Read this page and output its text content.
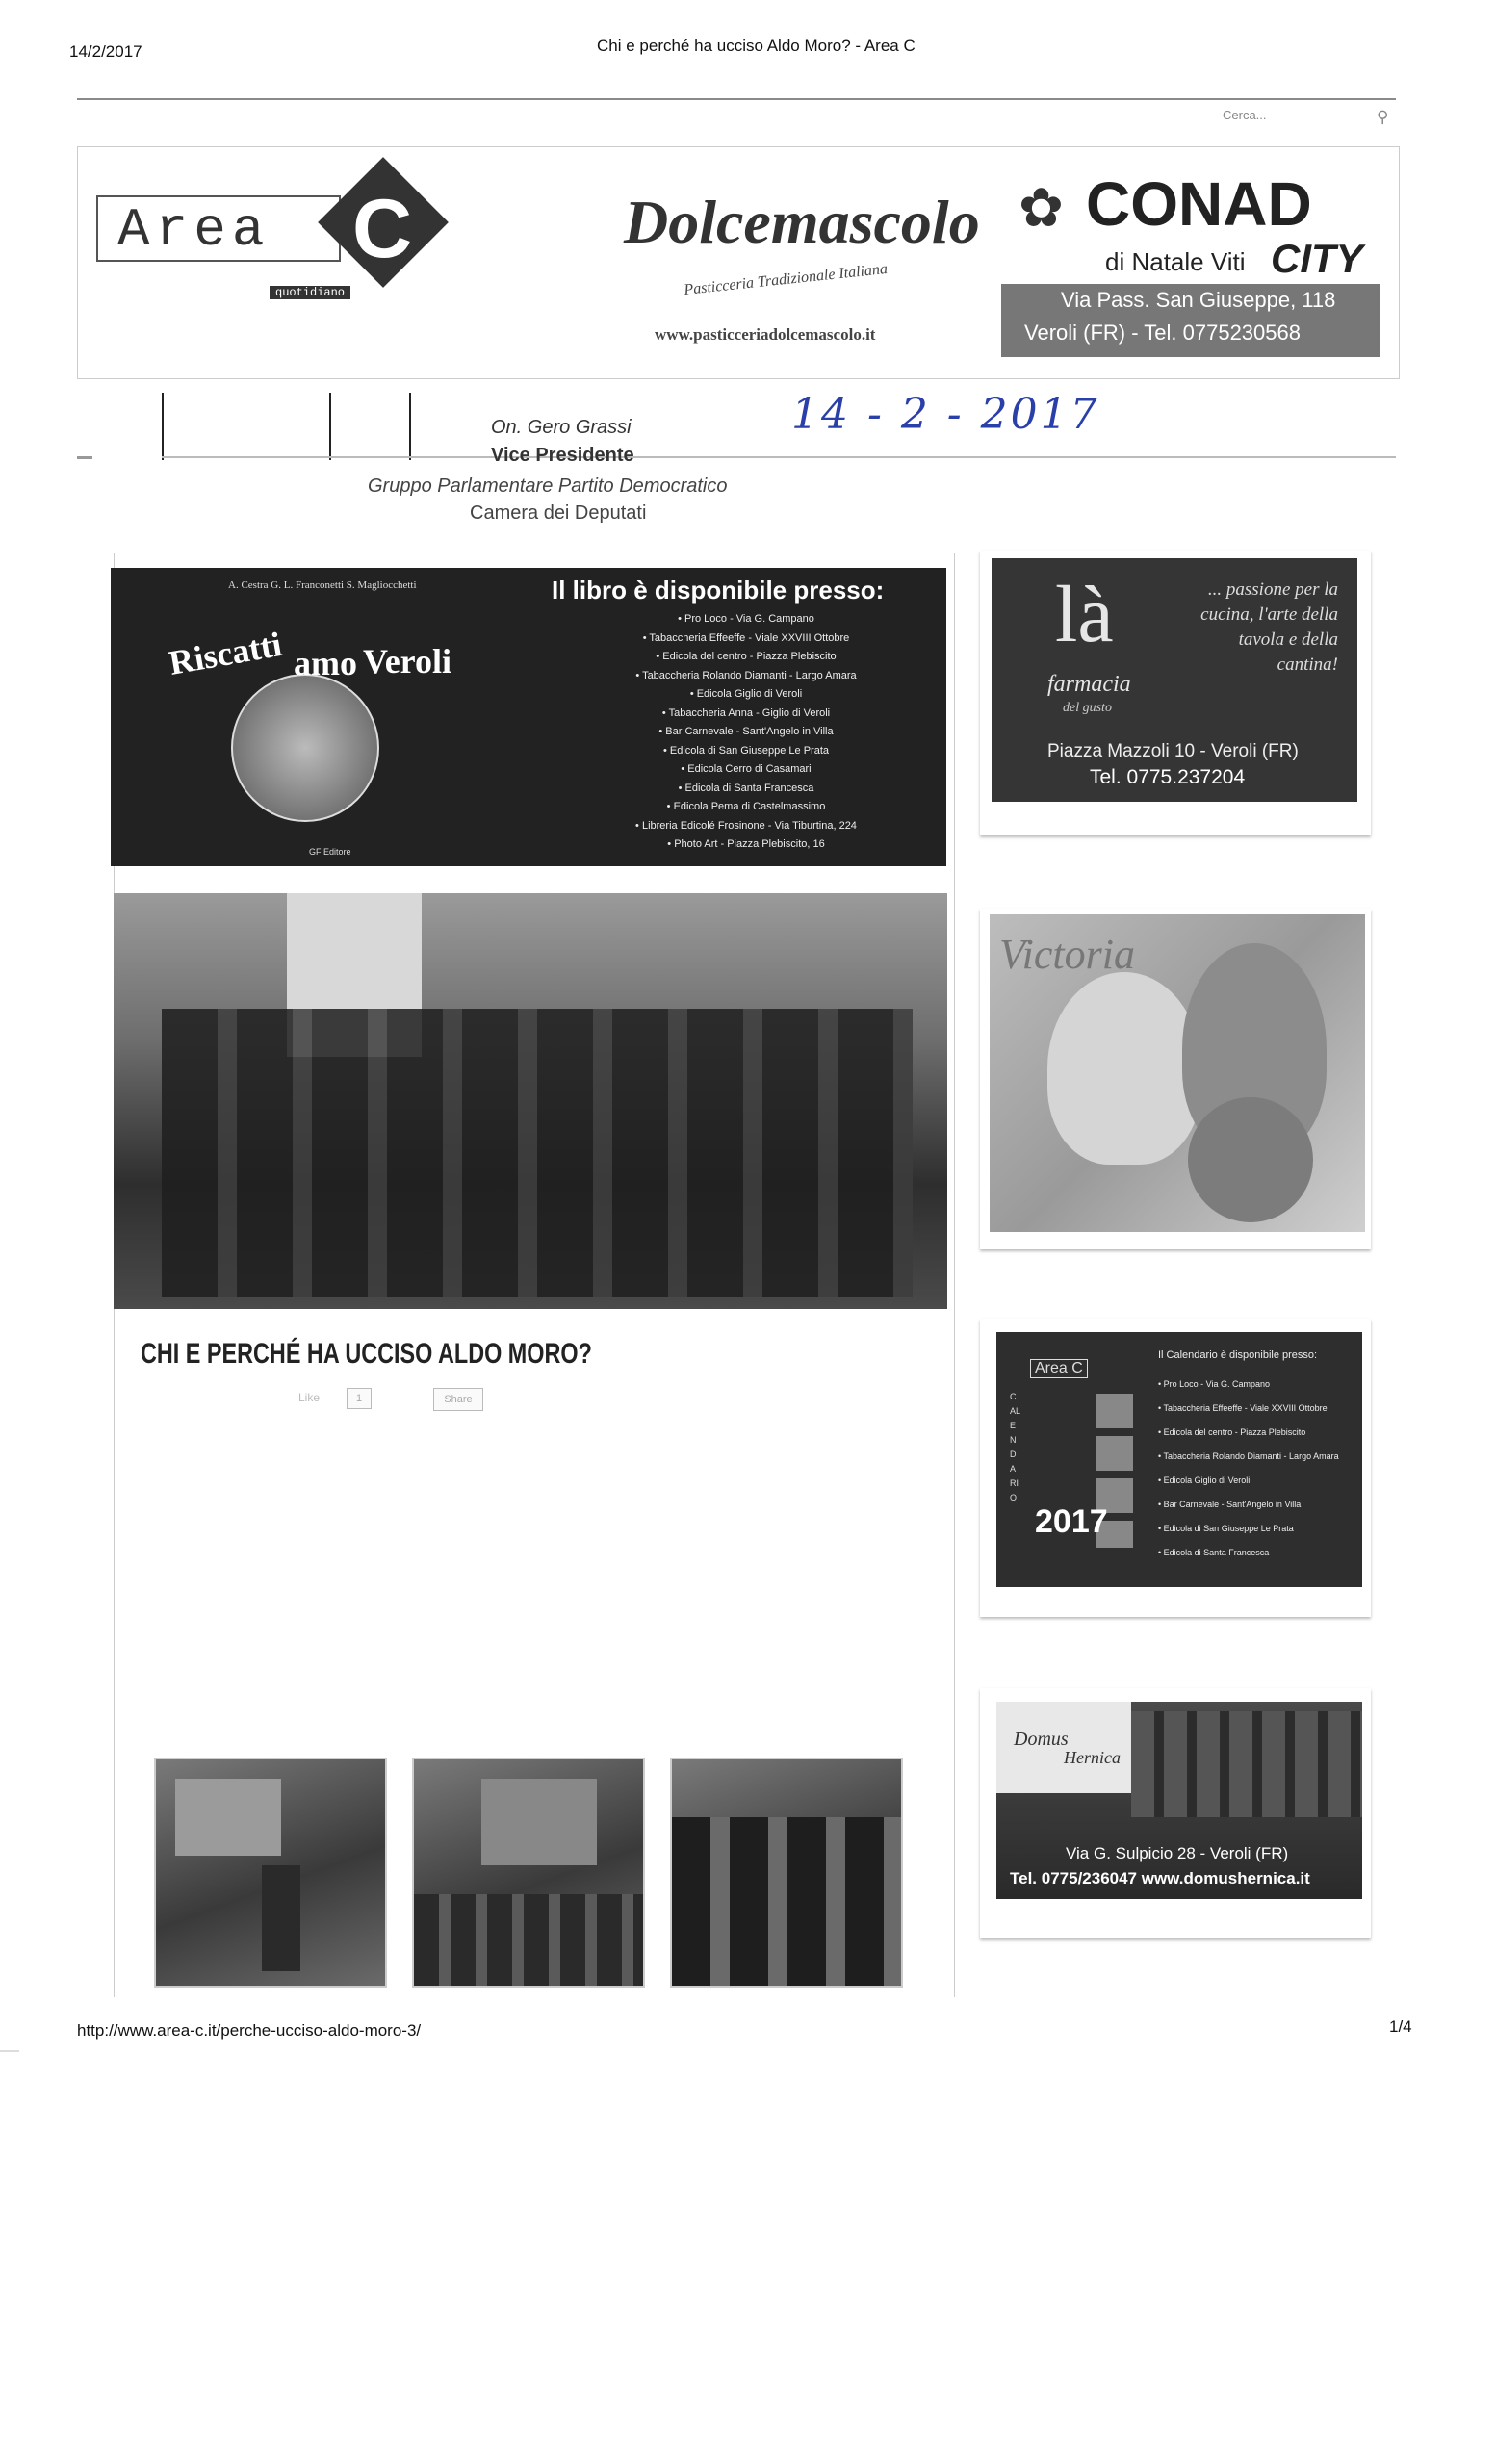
14/2/2017	Chi e perché ha ucciso Aldo Moro? - Area C
Cerca...	⚲
Area C
quotidiano
Dolcemascolo
Pasticceria Tradizionale Italiana
www.pasticceriadolcemascolo.it
✿ CONAD
di Natale Viti CITY
Via Pass. San Giuseppe, 118
Veroli (FR) - Tel. 0775230568
On. Gero Grassi
Vice Presidente
Gruppo Parlamentare Partito Democratico
Camera dei Deputati
14 - 2 - 2017
A. Cestra G. L. Franconetti S. Magliocchetti
Riscatti amo Veroli
GF Editore
Il libro è disponibile presso:
• Pro Loco - Via G. Campano
• Tabaccheria Effeeffe - Viale XXVIII Ottobre
• Edicola del centro - Piazza Plebiscito
• Tabaccheria Rolando Diamanti - Largo Amara
• Edicola Giglio di Veroli
• Tabaccheria Anna - Giglio di Veroli
• Bar Carnevale - Sant'Angelo in Villa
• Edicola di San Giuseppe Le Prata
• Edicola Cerro di Casamari
• Edicola di Santa Francesca
• Edicola Pema di Castelmassimo
• Libreria Edicolé Frosinone - Via Tiburtina, 224
• Photo Art - Piazza Plebiscito, 16
CHI E PERCHÉ HA UCCISO ALDO MORO?
Like	1	Share
là
farmacia
del gusto
... passione per la cucina, l'arte della tavola e della cantina!
Piazza Mazzoli 10 - Veroli (FR)
Tel. 0775.237204
Victoria
Area C
CALENDARIO
2017
Il Calendario è disponibile presso:
• Pro Loco - Via G. Campano
• Tabaccheria Effeeffe - Viale XXVIII Ottobre
• Edicola del centro - Piazza Plebiscito
• Tabaccheria Rolando Diamanti - Largo Amara
• Edicola Giglio di Veroli
• Bar Carnevale - Sant'Angelo in Villa
• Edicola di San Giuseppe Le Prata
• Edicola di Santa Francesca
Domus
Hernica
Via G. Sulpicio 28 - Veroli (FR)
Tel. 0775/236047 www.domushernica.it
http://www.area-c.it/perche-ucciso-aldo-moro-3/	1/4
